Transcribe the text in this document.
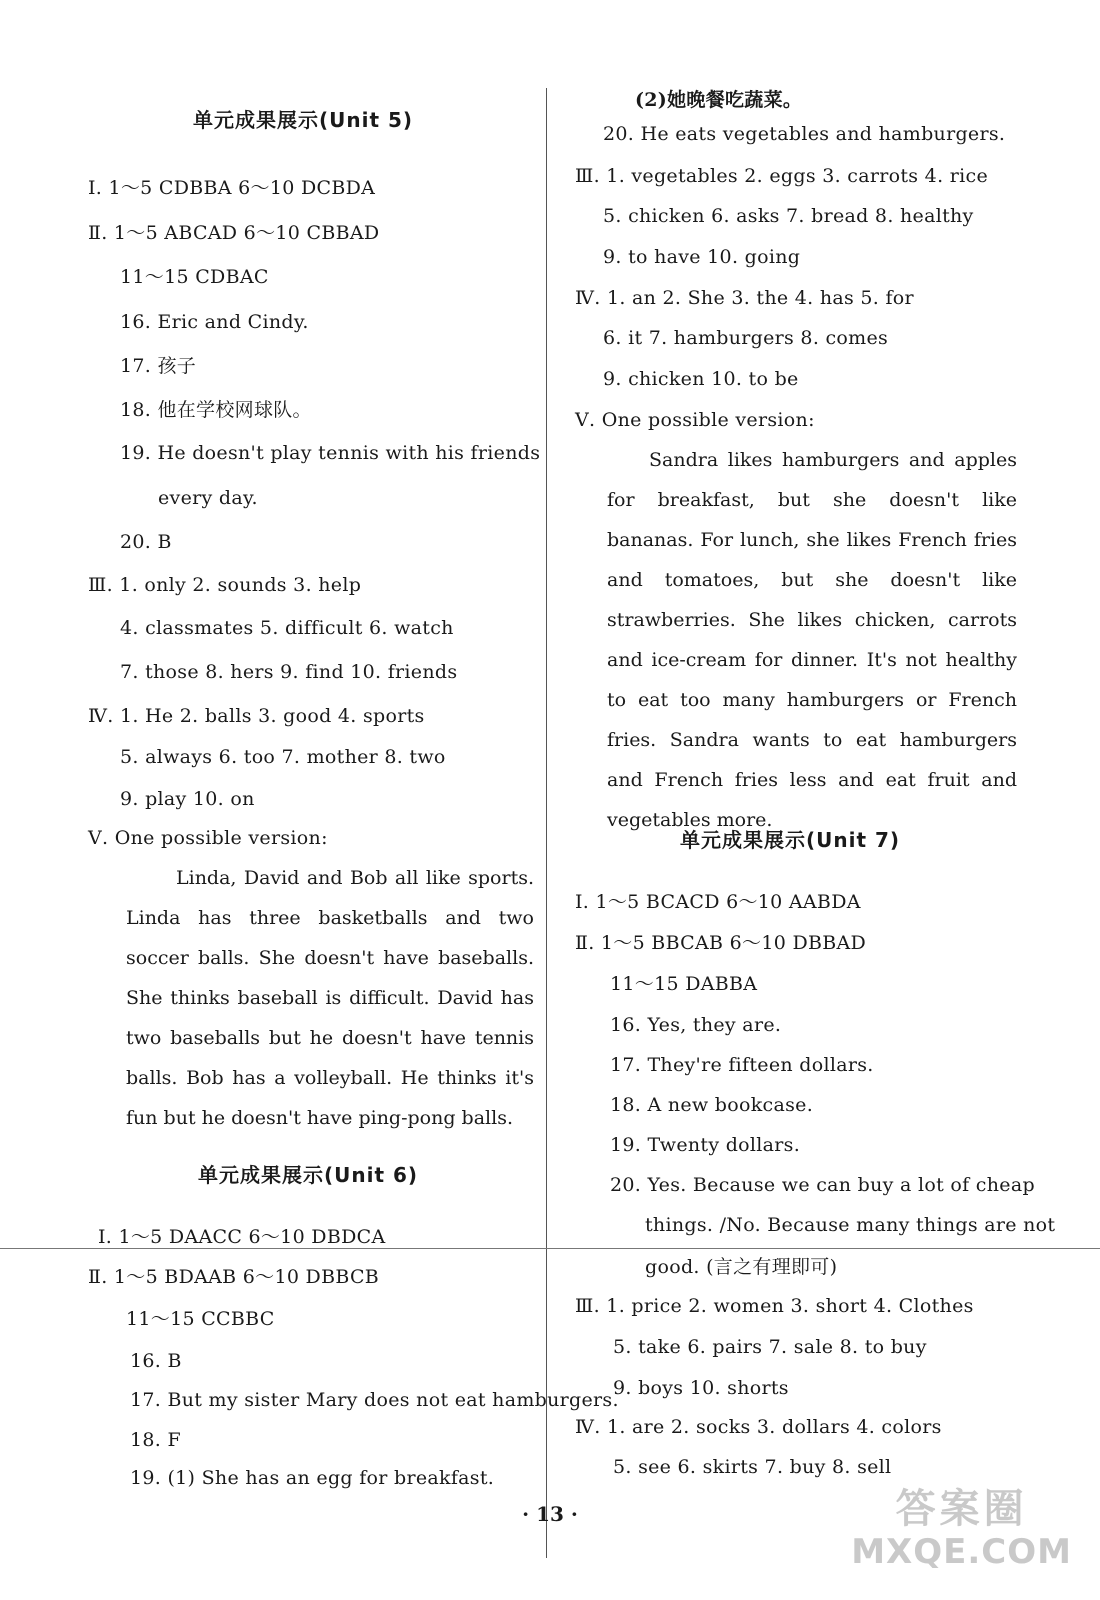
单元成果展示(Unit 5)
Ⅰ. 1～5 CDBBA 6～10 DCBDA
Ⅱ. 1～5 ABCAD 6～10 CBBAD
11～15 CDBAC
16. Eric and Cindy.
17. 孩子
18. 他在学校网球队。
19. He doesn't play tennis with his friends
every day.
20. B
Ⅲ. 1. only 2. sounds 3. help
4. classmates 5. difficult 6. watch
7. those 8. hers 9. find 10. friends
Ⅳ. 1. He 2. balls 3. good 4. sports
5. always 6. too 7. mother 8. two
9. play 10. on
Ⅴ. One possible version:
Linda, David and Bob all like sports. Linda has three basketballs and two soccer balls. She doesn't have baseballs. She thinks baseball is difficult. David has two baseballs but he doesn't have tennis balls. Bob has a volleyball. He thinks it's fun but he doesn't have ping-pong balls.
单元成果展示(Unit 6)
Ⅰ. 1～5 DAACC 6～10 DBDCA
Ⅱ. 1～5 BDAAB 6～10 DBBCB
11～15 CCBBC
16. B
17. But my sister Mary does not eat hamburgers.
18. F
19. (1) She has an egg for breakfast.
(2)她晚餐吃蔬菜。
20. He eats vegetables and hamburgers.
Ⅲ. 1. vegetables 2. eggs 3. carrots 4. rice
5. chicken 6. asks 7. bread 8. healthy
9. to have 10. going
Ⅳ. 1. an 2. She 3. the 4. has 5. for
6. it 7. hamburgers 8. comes
9. chicken 10. to be
Ⅴ. One possible version:
Sandra likes hamburgers and apples for breakfast, but she doesn't like bananas. For lunch, she likes French fries and tomatoes, but she doesn't like strawberries. She likes chicken, carrots and ice-cream for dinner. It's not healthy to eat too many hamburgers or French fries. Sandra wants to eat hamburgers and French fries less and eat fruit and vegetables more.
单元成果展示(Unit 7)
Ⅰ. 1～5 BCACD 6～10 AABDA
Ⅱ. 1～5 BBCAB 6～10 DBBAD
11～15 DABBA
16. Yes, they are.
17. They're fifteen dollars.
18. A new bookcase.
19. Twenty dollars.
20. Yes. Because we can buy a lot of cheap
things. /No. Because many things are not
good. (言之有理即可)
Ⅲ. 1. price 2. women 3. short 4. Clothes
5. take 6. pairs 7. sale 8. to buy
9. boys 10. shorts
Ⅳ. 1. are 2. socks 3. dollars 4. colors
5. see 6. skirts 7. buy 8. sell
· 13 ·	答案圈
MXQE.COM
